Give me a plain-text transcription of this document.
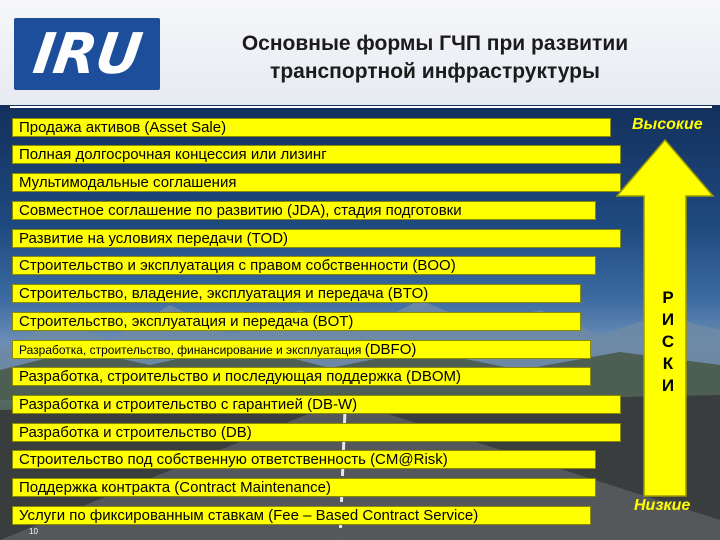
IRU	Основные формы ГЧП при развитии
транспортной инфраструктуры
Продажа активов (Asset Sale)
Полная долгосрочная концессия или лизинг
Мультимодальные соглашения
Совместное соглашение по развитию (JDA), стадия подготовки
Развитие на условиях передачи (TOD)
Строительство и эксплуатация с правом собственности (BOO)
Строительство, владение, эксплуатация и передача (BTO)
Строительство, эксплуатация и передача (BOT)
Разработка, строительство, финансирование и эксплуатация (DBFO)
Разработка, строительство и последующая поддержка (DBOM)
Разработка и строительство с гарантией (DB-W)
Разработка и строительство (DB)
Строительство под собственную ответственность (CM@Risk)
Поддержка контракта (Contract Maintenance)
Услуги по фиксированным ставкам (Fee – Based Contract Service)
Высокие
Р
И
С
К
И
Низкие
10
